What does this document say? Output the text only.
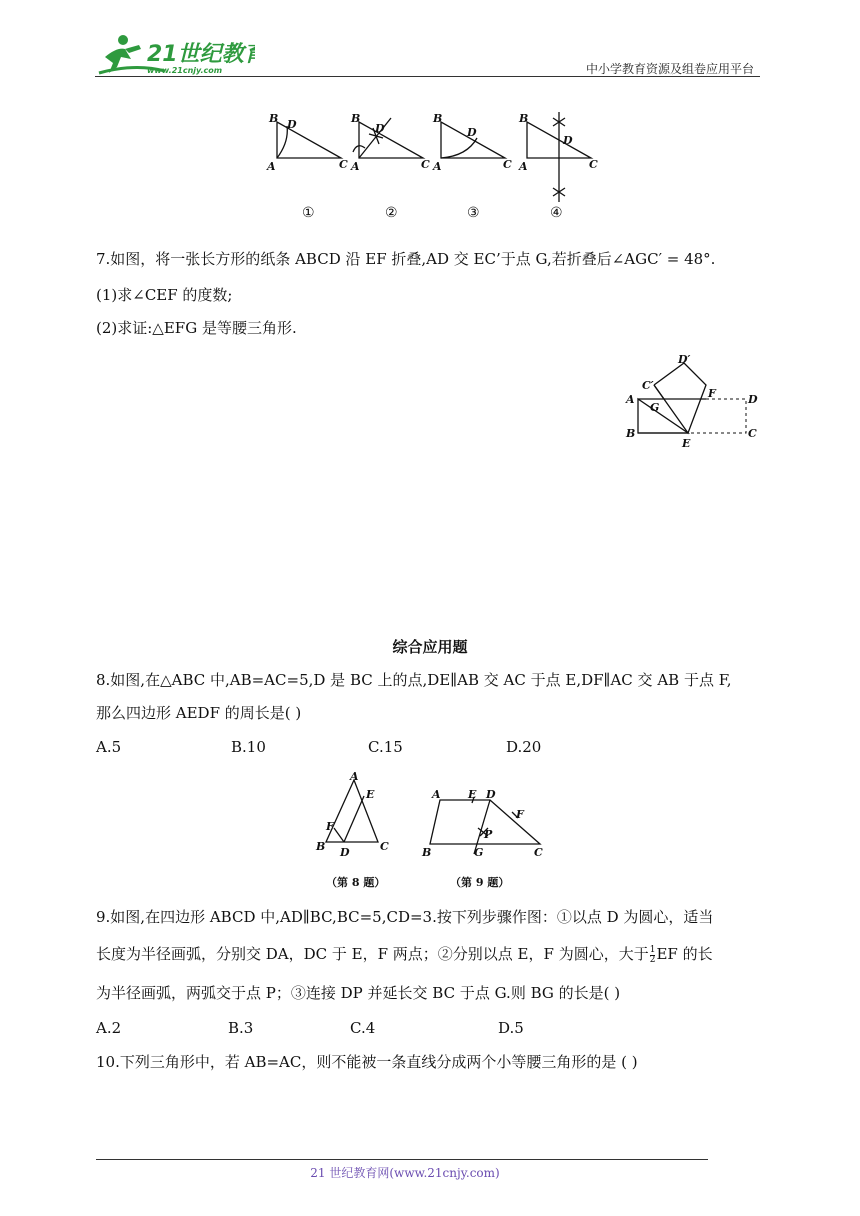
21世纪教育
www.21cnjy.com	中小学教育资源及组卷应用平台
B D
A	C
B
D
A	C
B
D
A	C
B
D
A	C
①	②	③	④
7.如图，将一张长方形的纸条 ABCD 沿 EF 折叠,AD 交 EC’于点 G,若折叠后∠AGC′ = 48°.
(1)求∠CEF 的度数;
(2)求证:△EFG 是等腰三角形.
D′
C′
F
A
G
D
B
E
C
综合应用题
8.如图,在△ABC 中,AB=AC=5,D 是 BC 上的点,DE∥AB 交 AC 于点 E,DF∥AC 交 AB 于点 F,
那么四边形 AEDF 的周长是( )
A.5	B.10	C.15	D.20
A
E
F
B D	C
A E D
F
P
B	G	C
（第 8 题）	（第 9 题）
9.如图,在四边形 ABCD 中,AD∥BC,BC=5,CD=3.按下列步骤作图：①以点 D 为圆心，适当
长度为半径画弧，分别交 DA，DC 于 E，F 两点；②分别以点 E，F 为圆心，大于 $\frac{1}{2}$ EF 的长
为半径画弧，两弧交于点 P；③连接 DP 并延长交 BC 于点 G.则 BG 的长是( )
A.2	B.3	C.4	D.5
10.下列三角形中，若 AB=AC，则不能被一条直线分成两个小等腰三角形的是 ( )
21 世纪教育网(www.21cnjy.com)
